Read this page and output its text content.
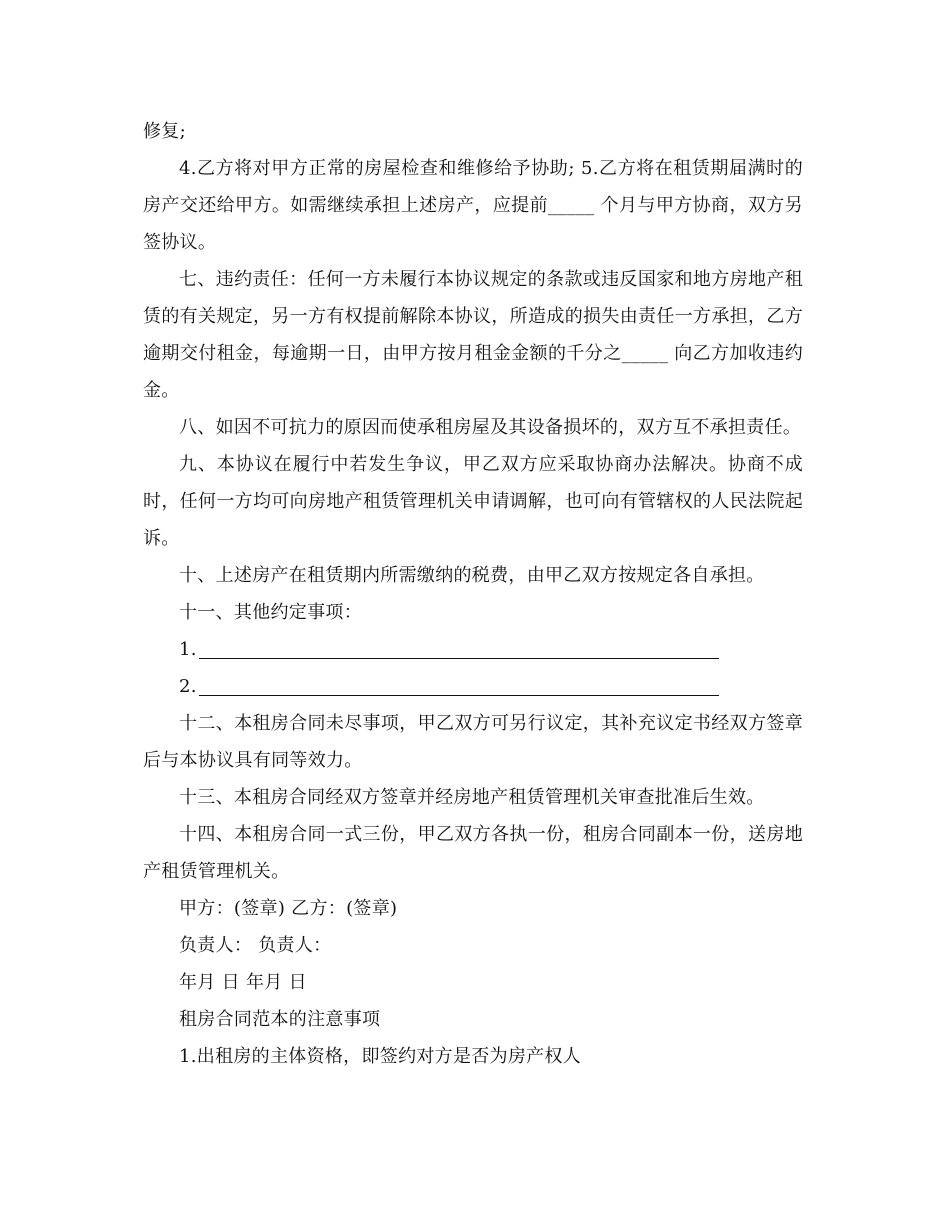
修复;

4.乙方将对甲方正常的房屋检查和维修给予协助; 5.乙方将在租赁期届满时的房产交还给甲方。如需继续承担上述房产，应提前_____ 个月与甲方协商，双方另签协议。

七、违约责任：任何一方未履行本协议规定的条款或违反国家和地方房地产租赁的有关规定，另一方有权提前解除本协议，所造成的损失由责任一方承担，乙方逾期交付租金，每逾期一日，由甲方按月租金金额的千分之_____ 向乙方加收违约金。

八、如因不可抗力的原因而使承租房屋及其设备损坏的，双方互不承担责任。

九、本协议在履行中若发生争议，甲乙双方应采取协商办法解决。协商不成时，任何一方均可向房地产租赁管理机关申请调解，也可向有管辖权的人民法院起诉。

十、上述房产在租赁期内所需缴纳的税费，由甲乙双方按规定各自承担。

十一、其他约定事项：

1.

2.

十二、本租房合同未尽事项，甲乙双方可另行议定，其补充议定书经双方签章后与本协议具有同等效力。

十三、本租房合同经双方签章并经房地产租赁管理机关审查批准后生效。

十四、本租房合同一式三份，甲乙双方各执一份，租房合同副本一份，送房地产租赁管理机关。

甲方：(签章) 乙方：(签章)

负责人： 负责人：

年月 日 年月 日

租房合同范本的注意事项

1.出租房的主体资格，即签约对方是否为房产权人
